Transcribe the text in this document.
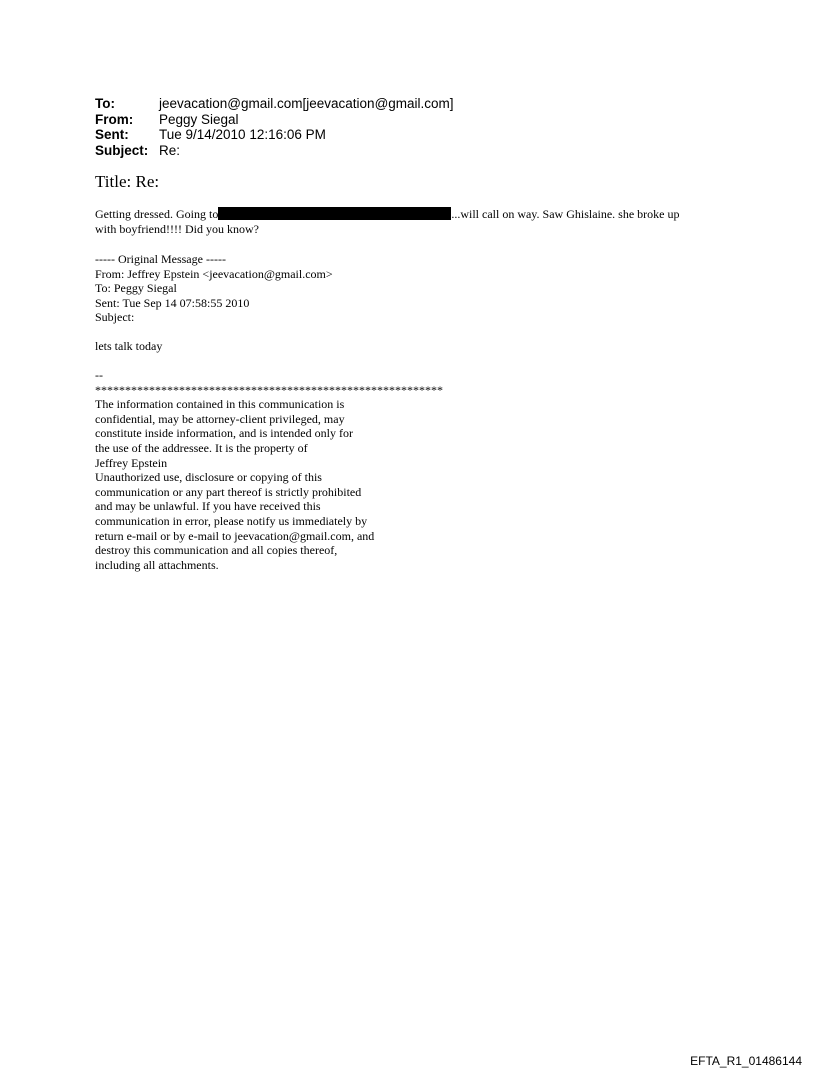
To:	jeevacation@gmail.com[jeevacation@gmail.com]
From:	Peggy Siegal
Sent:	Tue 9/14/2010 12:16:06 PM
Subject: Re:
Title: Re:
Getting dressed. Going to	...will call on way. Saw Ghislaine. she broke up
with boyfriend!!!! Did you know?
----- Original Message -----
From: Jeffrey Epstein <jeevacation@gmail.com>
To: Peggy Siegal
Sent: Tue Sep 14 07:58:55 2010
Subject:
lets talk today
--
**********************************************************
The information contained in this communication is
confidential, may be attorney-client privileged, may
constitute inside information, and is intended only for
the use of the addressee. It is the property of
Jeffrey Epstein
Unauthorized use, disclosure or copying of this
communication or any part thereof is strictly prohibited
and may be unlawful. If you have received this
communication in error, please notify us immediately by
return e-mail or by e-mail to jeevacation@gmail.com, and
destroy this communication and all copies thereof,
including all attachments.
EFTA_R1_01486144
